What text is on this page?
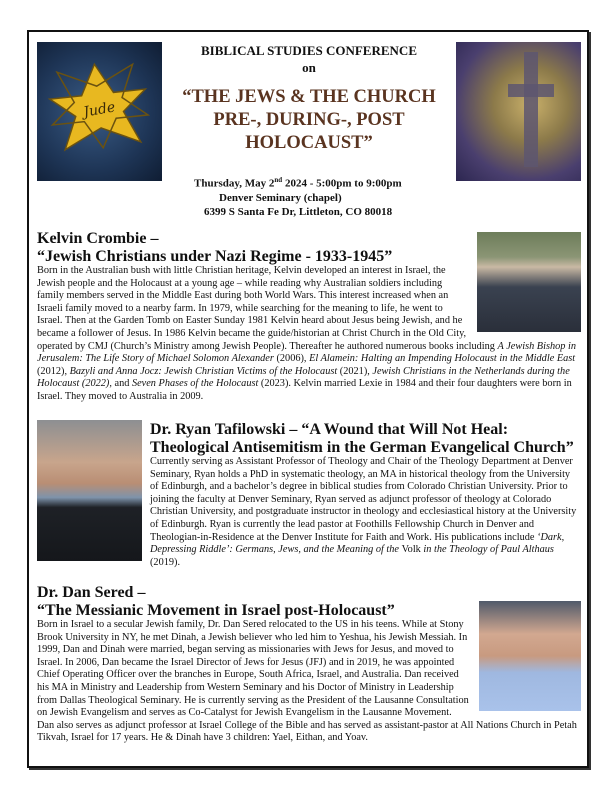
Jude
BIBLICAL STUDIES CONFERENCE
on
“THE JEWS & THE CHURCH
PRE-, DURING-, POST
HOLOCAUST”
Thursday, May 2nd 2024 - 5:00pm to 9:00pm
Denver Seminary (chapel)
6399 S Santa Fe Dr, Littleton, CO 80018
Kelvin Crombie –
“Jewish Christians under Nazi Regime - 1933-1945”
Born in the Australian bush with little Christian heritage, Kelvin developed an interest in Israel, the Jewish people and the Holocaust at a young age – while reading why Australian soldiers including family members served in the Middle East during both World Wars. This interest increased when an Israeli family moved to a nearby farm. In 1979, while searching for the meaning to life, he went to Israel. Then at the Garden Tomb on Easter Sunday 1981 Kelvin heard about Jesus being Jewish, and he became a follower of Jesus. In 1986 Kelvin became the guide/historian at Christ Church in the Old City, operated by CMJ (Church’s Ministry among Jewish People). Thereafter he authored numerous books including A Jewish Bishop in Jerusalem: The Life Story of Michael Solomon Alexander (2006), El Alamein: Halting an Impending Holocaust in the Middle East (2012), Bazyli and Anna Jocz: Jewish Christian Victims of the Holocaust (2021), Jewish Christians in the Netherlands during the Holocaust (2022), and Seven Phases of the Holocaust (2023). Kelvin married Lexie in 1984 and their four daughters were born in Israel. They moved to Australia in 2009.
Dr. Ryan Tafilowski – “A Wound that Will Not Heal:
Theological Antisemitism in the German Evangelical Church”
Currently serving as Assistant Professor of Theology and Chair of the Theology Department at Denver Seminary, Ryan holds a PhD in systematic theology, an MA in historical theology from the University of Edinburgh, and a bachelor’s degree in biblical studies from Colorado Christian University. Prior to joining the faculty at Denver Seminary, Ryan served as adjunct professor of theology at Colorado Christian University, and postgraduate instructor in theology and ecclesiastical history at the University of Edinburgh. Ryan is currently the lead pastor at Foothills Fellowship Church in Denver and Theologian-in-Residence at the Denver Institute for Faith and Work. His publications include ‘Dark, Depressing Riddle’: Germans, Jews, and the Meaning of the Volk in the Theology of Paul Althaus (2019).
Dr. Dan Sered –
“The Messianic Movement in Israel post-Holocaust”
Born in Israel to a secular Jewish family, Dr. Dan Sered relocated to the US in his teens. While at Stony Brook University in NY, he met Dinah, a Jewish believer who led him to Yeshua, his Jewish Messiah. In 1999, Dan and Dinah were married, began serving as missionaries with Jews for Jesus, and moved to Israel. In 2006, Dan became the Israel Director of Jews for Jesus (JFJ) and in 2019, he was appointed Chief Operating Officer over the branches in Europe, South Africa, Israel, and Australia. Dan received his MA in Ministry and Leadership from Western Seminary and his Doctor of Ministry in Leadership from Dallas Theological Seminary. He is currently serving as the President of the Lausanne Consultation on Jewish Evangelism and serves as Co-Catalyst for Jewish Evangelism in the Lausanne Movement. Dan also serves as adjunct professor at Israel College of the Bible and has served as assistant-pastor at All Nations Church in Petah Tikvah, Israel for 17 years. He & Dinah have 3 children: Yael, Eithan, and Yoav.
